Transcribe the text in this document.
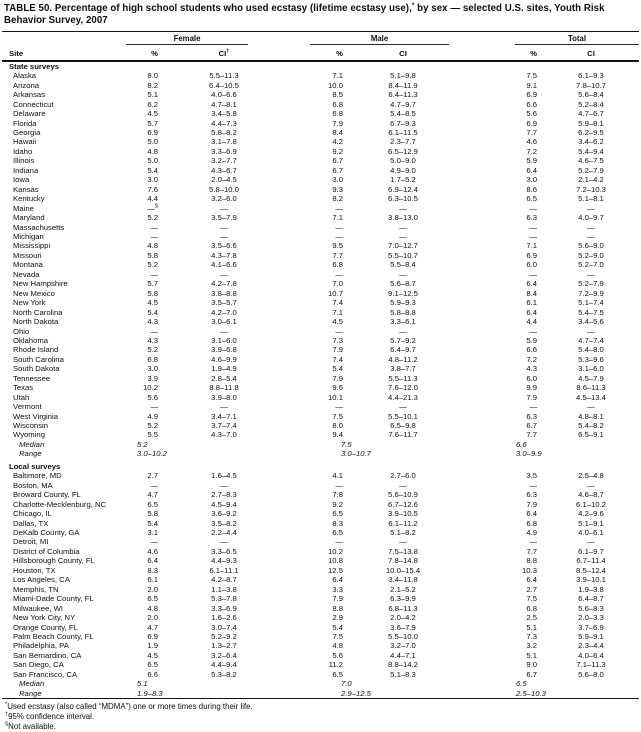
TABLE 50. Percentage of high school students who used ecstasy (lifetime ecstasy use),* by sex — selected U.S. sites, Youth Risk Behavior Survey, 2007

	Female		Male		Total	

Site	%	CI†	%	CI	%	CI
State surveys						
Alaska	8.0	5.5–11.3	7.1	5.1–9.8	7.5	6.1–9.3
Arizona	8.2	6.4–10.5	10.0	8.4–11.9	9.1	7.8–10.7
Arkansas	5.1	4.0–6.6	8.5	6.4–11.3	6.9	5.6–8.4
Connecticut	6.2	4.7–8.1	6.8	4.7–9.7	6.6	5.2–8.4
Delaware	4.5	3.4–5.8	6.8	5.4–8.5	5.6	4.7–6.7
Florida	5.7	4.4–7.3	7.9	6.7–9.3	6.9	5.9–8.1
Georgia	6.9	5.8–8.2	8.4	6.1–11.5	7.7	6.2–9.5
Hawaii	5.0	3.1–7.8	4.2	2.3–7.7	4.6	3.4–6.2
Idaho	4.8	3.3–6.9	9.2	6.5–12.9	7.2	5.4–9.4
Illinois	5.0	3.2–7.7	6.7	5.0–9.0	5.9	4.6–7.5
Indiana	5.4	4.3–6.7	6.7	4.9–9.0	6.4	5.2–7.9
Iowa	3.0	2.0–4.5	3.0	1.7–5.2	3.0	2.1–4.2
Kansas	7.6	5.8–10.0	9.3	6.9–12.4	8.6	7.2–10.3
Kentucky	4.4	3.2–6.0	8.2	6.3–10.5	6.5	5.1–8.1
Maine	—§	—	—	—	—	—
Maryland	5.2	3.5–7.9	7.1	3.8–13.0	6.3	4.0–9.7
Massachusetts	—	—	—	—	—	—
Michigan	—	—	—	—	—	—
Mississippi	4.8	3.5–6.6	9.5	7.0–12.7	7.1	5.6–9.0
Missouri	5.8	4.3–7.8	7.7	5.5–10.7	6.9	5.2–9.0
Montana	5.2	4.1–6.6	6.8	5.5–8.4	6.0	5.2–7.0
Nevada	—	—	—	—	—	—
New Hampshire	5.7	4.2–7.8	7.0	5.6–8.7	6.4	5.2–7.9
New Mexico	5.8	3.8–8.8	10.7	9.1–12.5	8.4	7.2–9.9
New York	4.5	3.5–5.7	7.4	5.9–9.3	6.1	5.1–7.4
North Carolina	5.4	4.2–7.0	7.1	5.8–8.8	6.4	5.4–7.5
North Dakota	4.3	3.0–6.1	4.5	3.3–6.1	4.4	3.4–5.6
Ohio	—	—	—	—	—	—
Oklahoma	4.3	3.1–6.0	7.3	5.7–9.2	5.9	4.7–7.4
Rhode Island	5.2	3.9–6.8	7.9	6.4–9.7	6.6	5.4–8.0
South Carolina	6.8	4.6–9.9	7.4	4.8–11.2	7.2	5.3–9.6
South Dakota	3.0	1.9–4.9	5.4	3.8–7.7	4.3	3.1–6.0
Tennessee	3.9	2.8–5.4	7.9	5.5–11.3	6.0	4.5–7.9
Texas	10.2	8.8–11.8	9.6	7.6–12.0	9.9	8.6–11.3
Utah	5.6	3.9–8.0	10.1	4.4–21.3	7.9	4.5–13.4
Vermont	—	—	—	—	—	—
West Virginia	4.9	3.4–7.1	7.5	5.5–10.1	6.3	4.8–8.1
Wisconsin	5.2	3.7–7.4	8.0	6.5–9.8	6.7	5.4–8.2
Wyoming	5.5	4.3–7.0	9.4	7.6–11.7	7.7	6.5–9.1
Median	5.2		7.5		6.6	
Range	3.0–10.2		3.0–10.7		3.0–9.9	
Local surveys						
Baltimore, MD	2.7	1.6–4.5	4.1	2.7–6.0	3.5	2.5–4.8
Boston, MA	—	—	—	—	—	—
Broward County, FL	4.7	2.7–8.3	7.8	5.6–10.9	6.3	4.6–8.7
Charlotte-Mecklenburg, NC	6.5	4.5–9.4	9.2	6.7–12.6	7.9	6.1–10.2
Chicago, IL	5.8	3.6–9.2	6.5	3.9–10.5	6.4	4.2–9.6
Dallas, TX	5.4	3.5–8.2	8.3	6.1–11.2	6.8	5.1–9.1
DeKalb County, GA	3.1	2.2–4.4	6.5	5.1–8.2	4.9	4.0–6.1
Detroit, MI	—	—	—	—	—	—
District of Columbia	4.6	3.3–6.5	10.2	7.5–13.8	7.7	6.1–9.7
Hillsborough County, FL	6.4	4.4–9.3	10.8	7.8–14.8	8.8	6.7–11.4
Houston, TX	8.3	6.1–11.1	12.5	10.0–15.4	10.3	8.5–12.4
Los Angeles, CA	6.1	4.2–8.7	6.4	3.4–11.8	6.4	3.9–10.1
Memphis, TN	2.0	1.1–3.8	3.3	2.1–5.2	2.7	1.9–3.8
Miami-Dade County, FL	6.5	5.3–7.8	7.9	6.3–9.9	7.5	6.4–8.7
Milwaukee, WI	4.8	3.3–6.9	8.8	6.8–11.3	6.8	5.6–8.3
New York City, NY	2.0	1.6–2.6	2.9	2.0–4.2	2.5	2.0–3.3
Orange County, FL	4.7	3.0–7.4	5.4	3.6–7.9	5.1	3.7–6.9
Palm Beach County, FL	6.9	5.2–9.2	7.5	5.5–10.0	7.3	5.9–9.1
Philadelphia, PA	1.9	1.3–2.7	4.8	3.2–7.0	3.2	2.3–4.4
San Bernardino, CA	4.5	3.2–6.4	5.6	4.4–7.1	5.1	4.0–6.4
San Diego, CA	6.5	4.4–9.4	11.2	8.8–14.2	9.0	7.1–11.3
San Francisco, CA	6.6	5.3–8.2	6.5	5.1–8.3	6.7	5.6–8.0
Median	5.1		7.0		6.5	
Range	1.9–8.3		2.9–12.5		2.5–10.3	
*Used ecstasy (also called “MDMA”) one or more times during their life.
†95% confidence interval.
§Not available.
